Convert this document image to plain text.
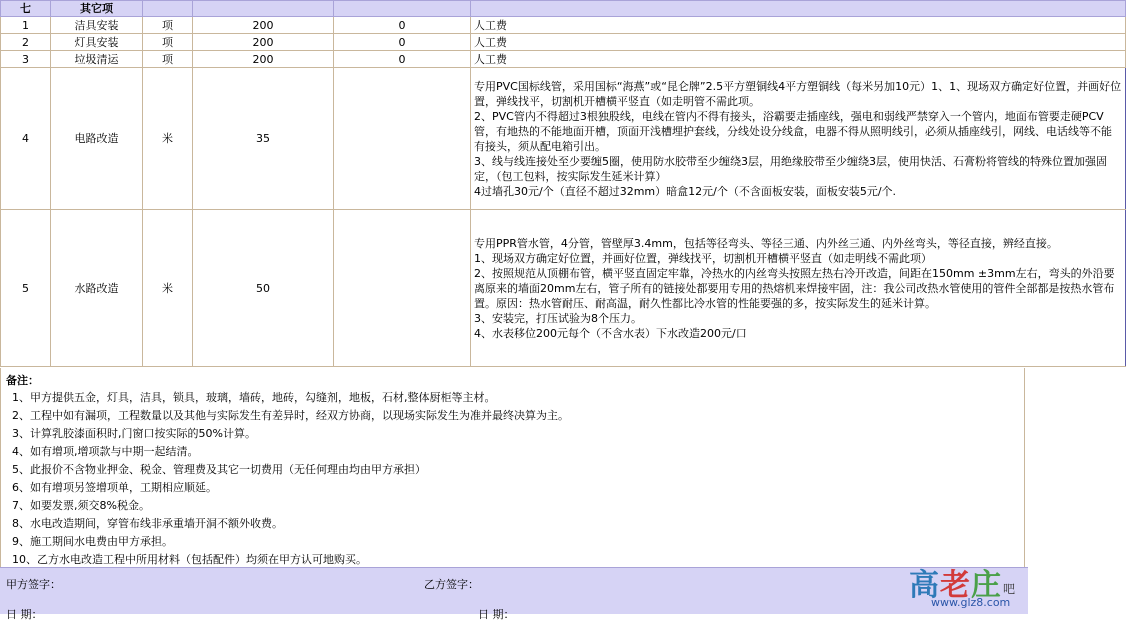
七	其它项				
1	洁具安装	项	200	0	人工费
2	灯具安装	项	200	0	人工费
3	垃圾清运	项	200	0	人工费
4	电路改造	米	35		专用PVC国标线管，采用国标“海燕”或“昆仑牌”2.5平方塑铜线4平方塑铜线（每米另加10元）1、1、现场双方确定好位置，并画好位置，弹线找平，切割机开槽横平竖直（如走明管不需此项。
2、PVC管内不得超过3根独股线，电线在管内不得有接头，浴霸要走插座线，强电和弱线严禁穿入一个管内，地面布管要走硬PCV管，有地热的不能地面开槽，顶面开浅槽埋护套线，分线处设分线盒，电器不得从照明线引，必须从插座线引，网线、电话线等不能有接头，须从配电箱引出。
3、线与线连接处至少要缠5圈，使用防水胶带至少缠绕3层，用绝缘胶带至少缠绕3层，使用快活、石膏粉将管线的特殊位置加强固定，（包工包料，按实际发生延米计算）
4过墙孔30元/个（直径不超过32mm）暗盒12元/个（不含面板安装，面板安装5元/个.

5	水路改造	米	50		专用PPR管水管，4分管，管壁厚3.4mm，包括等径弯头、等径三通、内外丝三通、内外丝弯头，等径直接，辨经直接。
1、现场双方确定好位置，并画好位置，弹线找平，切割机开槽横平竖直（如走明线不需此项）
2、按照规范从顶棚布管，横平竖直固定牢靠，冷热水的内丝弯头按照左热右冷开改造，间距在150mm ±3mm左右，弯头的外沿要离原来的墙面20mm左右，管子所有的链接处都要用专用的热熔机来焊接牢固，注：我公司改热水管使用的管件全部都是按热水管布置。原因：热水管耐压、耐高温，耐久性都比冷水管的性能要强的多，按实际发生的延米计算。
3、安装完，打压试验为8个压力。
4、水表移位200元每个（不含水表）下水改造200元/口
备注：
1、甲方提供五金，灯具，洁具，锁具，玻璃，墙砖，地砖，勾缝剂，地板，石材,整体厨柜等主材。
2、工程中如有漏项，工程数量以及其他与实际发生有差异时，经双方协商，以现场实际发生为准并最终决算为主。
3、计算乳胶漆面积时,门窗口按实际的50%计算。
4、如有增项,增项款与中期一起结清。
5、此报价不含物业押金、税金、管理费及其它一切费用（无任何理由均由甲方承担）
6、如有增项另签增项单，工期相应顺延。
7、如要发票,须交8%税金。
8、水电改造期间，穿管布线非承重墙开洞不额外收费。
9、施工期间水电费由甲方承担。
10、乙方水电改造工程中所用材料（包括配件）均须在甲方认可地购买。
甲方签字：	乙方签字：
日 期：	日 期：
高老庄 吧
www.glz8.com
